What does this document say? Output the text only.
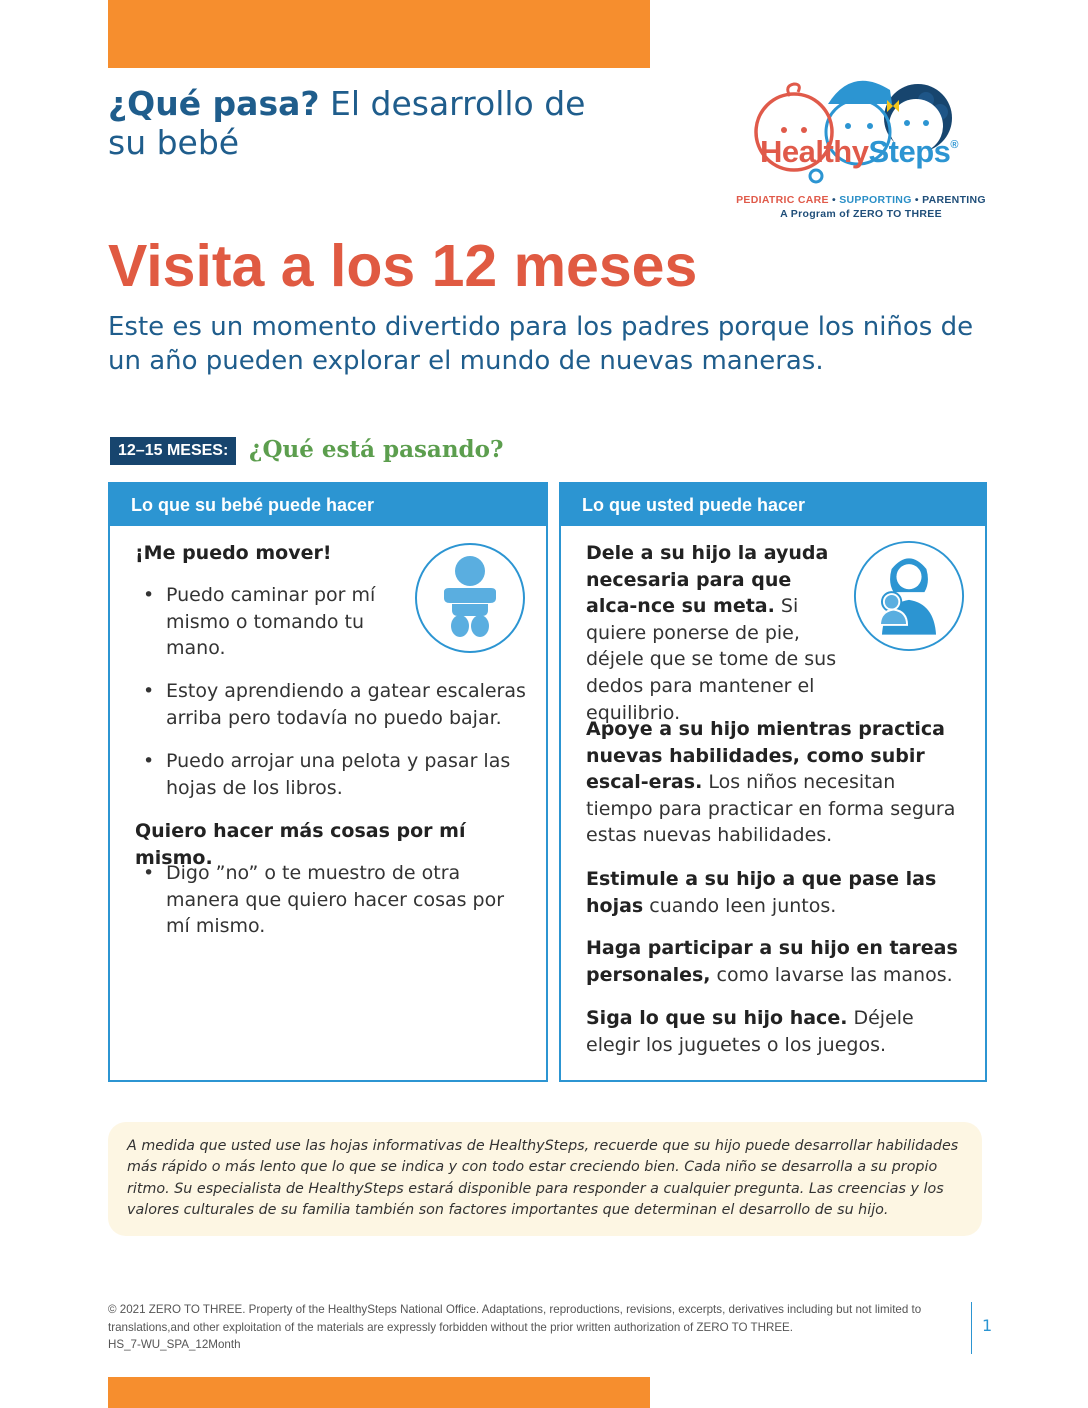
¿Qué pasa? El desarrollo de su bebé	HealthySteps®
PEDIATRIC CARE • SUPPORTING • PARENTING
A Program of ZERO TO THREE
Visita a los 12 meses
Este es un momento divertido para los padres porque los niños de un año pueden explorar el mundo de nuevas maneras.
12–15 MESES: ¿Qué está pasando?
Lo que su bebé puede hacer
¡Me puedo mover!
• Puedo caminar por mí mismo o tomando tu mano.
• Estoy aprendiendo a gatear escaleras arriba pero todavía no puedo bajar.
• Puedo arrojar una pelota y pasar las hojas de los libros.
Quiero hacer más cosas por mí mismo.
• Digo ”no” o te muestro de otra manera que quiero hacer cosas por mí mismo.
Lo que usted puede hacer
Dele a su hijo la ayuda necesaria para que alca-nce su meta. Si quiere ponerse de pie, déjele que se tome de sus dedos para mantener el equilibrio.
Apoye a su hijo mientras practica nuevas habilidades, como subir escal-eras. Los niños necesitan tiempo para practicar en forma segura estas nuevas habilidades.
Estimule a su hijo a que pase las hojas cuando leen juntos.
Haga participar a su hijo en tareas personales, como lavarse las manos.
Siga lo que su hijo hace. Déjele elegir los juguetes o los juegos.
A medida que usted use las hojas informativas de HealthySteps, recuerde que su hijo puede desarrollar habilidades más rápido o más lento que lo que se indica y con todo estar creciendo bien. Cada niño se desarrolla a su propio ritmo. Su especialista de HealthySteps estará disponible para responder a cualquier pregunta. Las creencias y los valores culturales de su familia también son factores importantes que determinan el desarrollo de su hijo.
© 2021 ZERO TO THREE. Property of the HealthySteps National Office. Adaptations, reproductions, revisions, excerpts, derivatives including but not limited to
translations,and other exploitation of the materials are expressly forbidden without the prior written authorization of ZERO TO THREE.
HS_7-WU_SPA_12Month
1
